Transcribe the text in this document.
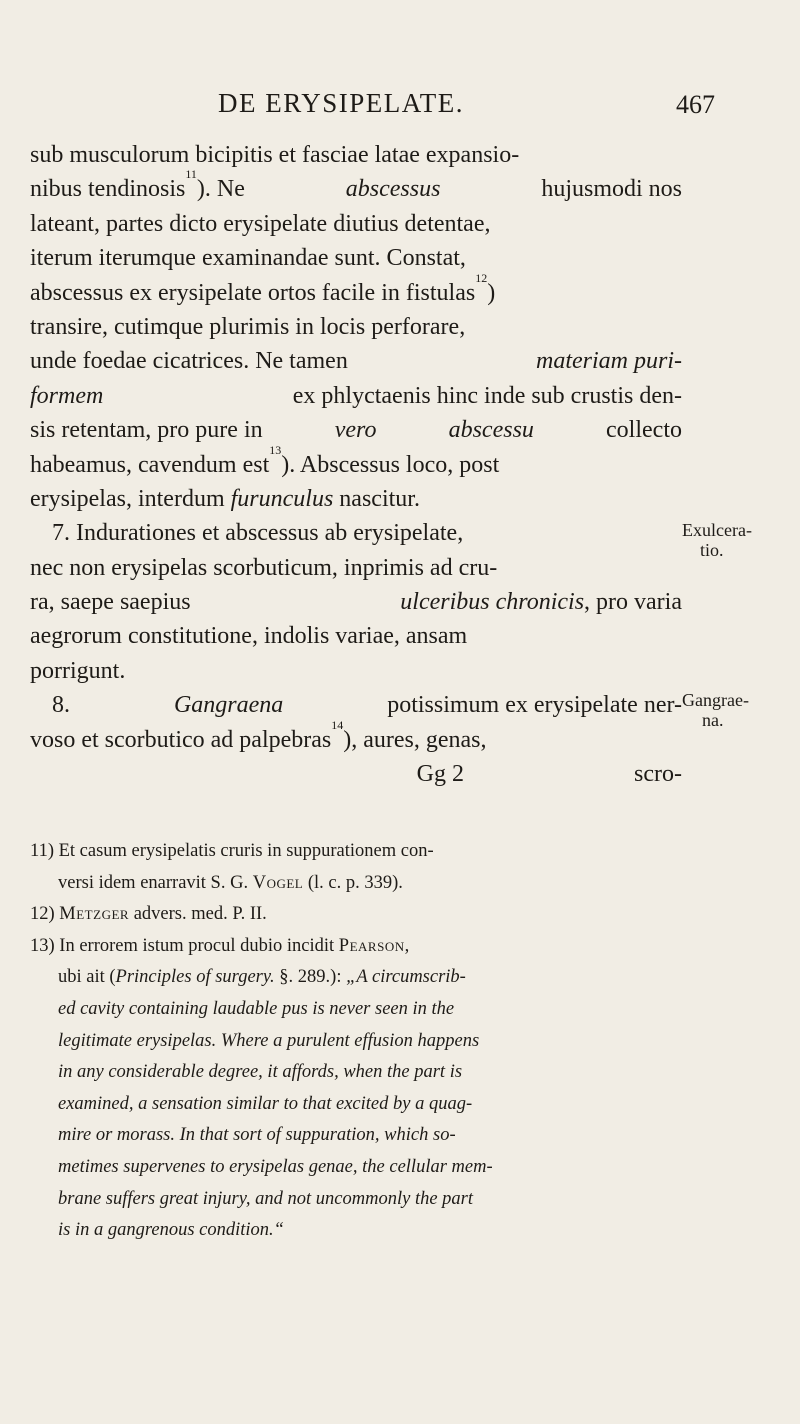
DE ERYSIPELATE.	467
sub musculorum bicipitis et fasciae latae expansio-
nibus tendinosis$^{11}$). Ne	abscessus	hujusmodi nos
lateant, partes dicto erysipelate diutius detentae,
iterum iterumque examinandae sunt. Constat,
abscessus ex erysipelate ortos facile in fistulas$^{12}$)
transire, cutimque plurimis in locis perforare,
unde foedae cicatrices. Ne tamen	materiam puri-
formem	ex phlyctaenis hinc inde sub crustis den-
sis retentam, pro pure in	vero	abscessu	collecto
habeamus, cavendum est$^{13}$). Abscessus loco, post
erysipelas, interdum
furunculus
nascitur.
7. Indurationes et abscessus ab erysipelate,
nec non erysipelas scorbuticum, inprimis ad cru-
ra, saepe saepius	ulceribus chronicis, pro varia
aegrorum constitutione, indolis variae, ansam
porrigunt.
8.	Gangraena	potissimum ex erysipelate ner-
voso et scorbutico ad palpebras$^{14}$), aures, genas,
Gg 2	scro-
Exulcera-
tio.
Gangrae-
na.
11) Et casum erysipelatis cruris in suppurationem con-
versi idem enarravit S. G. Vogel (l. c. p. 339).
12) Metzger advers. med. P. II.
13) In errorem istum procul dubio incidit Pearson,
ubi ait (Principles of surgery. §. 289.): „A circumscrib-
ed cavity containing laudable pus is never seen in the
legitimate erysipelas. Where a purulent effusion happens
in any considerable degree, it affords, when the part is
examined, a sensation similar to that excited by a quag-
mire or morass. In that sort of suppuration, which so-
metimes supervenes to erysipelas genae, the cellular mem-
brane suffers great injury, and not uncommonly the part
is in a gangrenous condition.“
